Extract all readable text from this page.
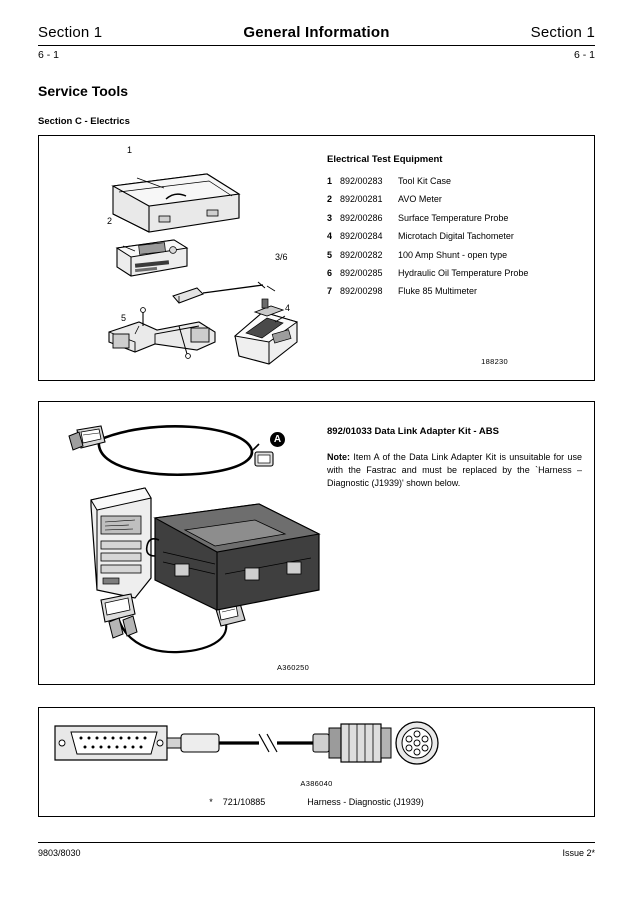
Section 1	General Information	Section 1
6 - 1	6 - 1
Service Tools
Section C - Electrics
1
2
3/6
4
5
Electrical Test Equipment
1 892/00283	Tool Kit Case
2 892/00281	AVO Meter
3 892/00286	Surface Temperature Probe
4 892/00284	Microtach Digital Tachometer
5 892/00282	100 Amp Shunt - open type
6 892/00285	Hydraulic Oil Temperature Probe
7 892/00298	Fluke 85 Multimeter
188230
A
892/01033 Data Link Adapter Kit - ABS
Note: Item A of the Data Link Adapter Kit is unsuitable for use with the Fastrac and must be replaced by the `Harness – Diagnostic (J1939)' shown below.
A360250
A386040
* 721/10885	Harness - Diagnostic (J1939)
9803/8030	Issue 2*
